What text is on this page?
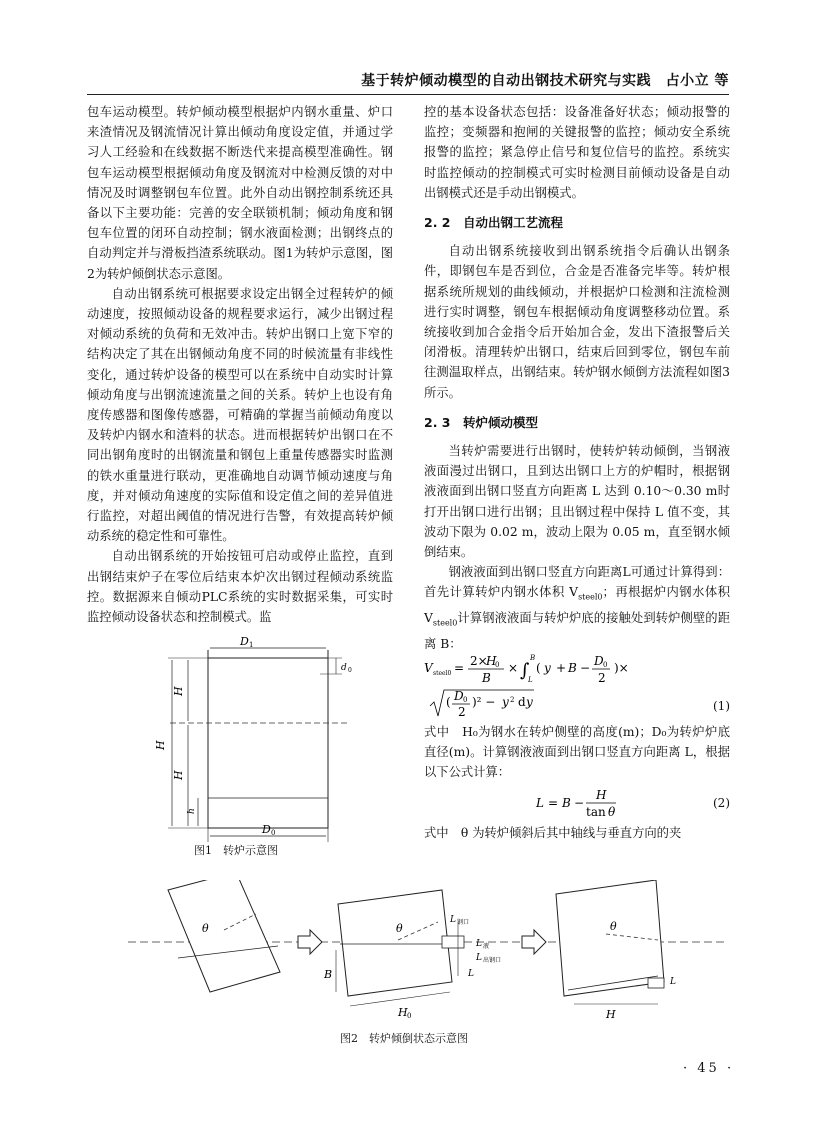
基于转炉倾动模型的自动出钢技术研究与实践　占小立 等

包车运动模型。转炉倾动模型根据炉内钢水重量、炉口来渣情况及钢流情况计算出倾动角度设定值，并通过学习人工经验和在线数据不断迭代来提高模型准确性。钢包车运动模型根据倾动角度及钢流对中检测反馈的对中情况及时调整钢包车位置。此外自动出钢控制系统还具备以下主要功能：完善的安全联锁机制；倾动角度和钢包车位置的闭环自动控制；钢水液面检测；出钢终点的自动判定并与滑板挡渣系统联动。图1为转炉示意图，图2为转炉倾倒状态示意图。

自动出钢系统可根据要求设定出钢全过程转炉的倾动速度，按照倾动设备的规程要求运行，减少出钢过程对倾动系统的负荷和无效冲击。转炉出钢口上宽下窄的结构决定了其在出钢倾动角度不同的时候流量有非线性变化，通过转炉设备的模型可以在系统中自动实时计算倾动角度与出钢流速流量之间的关系。转炉上也设有角度传感器和图像传感器，可精确的掌握当前倾动角度以及转炉内钢水和渣料的状态。进而根据转炉出钢口在不同出钢角度时的出钢流量和钢包上重量传感器实时监测的铁水重量进行联动，更准确地自动调节倾动速度与角度，并对倾动角速度的实际值和设定值之间的差异值进行监控，对超出阈值的情况进行告警，有效提高转炉倾动系统的稳定性和可靠性。

自动出钢系统的开始按钮可启动或停止监控，直到出钢结束炉子在零位后结束本炉次出钢过程倾动系统监控。数据源来自倾动PLC系统的实时数据采集，可实时监控倾动设备状态和控制模式。监

控的基本设备状态包括：设备准备好状态；倾动报警的监控；变频器和抱闸的关键报警的监控；倾动安全系统报警的监控；紧急停止信号和复位信号的监控。系统实时监控倾动的控制模式可实时检测目前倾动设备是自动出钢模式还是手动出钢模式。

2. 2　自动出钢工艺流程

自动出钢系统接收到出钢系统指令后确认出钢条件，即钢包车是否到位，合金是否准备完毕等。转炉根据系统所规划的曲线倾动，并根据炉口检测和注流检测进行实时调整，钢包车根据倾动角度调整移动位置。系统接收到加合金指令后开始加合金，发出下渣报警后关闭滑板。清理转炉出钢口，结束后回到零位，钢包车前往测温取样点，出钢结束。转炉钢水倾倒方法流程如图3所示。

2. 3　转炉倾动模型

当转炉需要进行出钢时，使转炉转动倾倒，当钢液液面漫过出钢口，且到达出钢口上方的炉帽时，根据钢液液面到出钢口竖直方向距离 L 达到 0.10～0.30 m时打开出钢口进行出钢；且出钢过程中保持 L 值不变，其波动下限为 0.02 m，波动上限为 0.05 m，直至钢水倾倒结束。

钢液液面到出钢口竖直方向距离L可通过计算得到：首先计算转炉内钢水体积 $V_{steel0}$；再根据炉内钢水体积 $V_{steel0}$计算钢液液面与转炉炉底的接触处到转炉侧壁的距离 B：

V steel0 = 2×
H
0
B
× ∫
B
L
( y + B − D 0
2
)×
( D 0
2
)² − y 2 d y	(1)

式中　H₀为钢水在转炉侧壁的高度(m)；D₀为转炉炉底直径(m)。计算钢液液面到出钢口竖直方向距离 L，根据以下公式计算：

L = B −
H
tan θ
(2)

式中　θ 为转炉倾斜后其中轴线与垂直方向的夹

D 1
d 0
H
H
H
h
D 0
图1　转炉示意图
θ	θ
L 钢口
L 液
L 出钢口
L
B
H 0
θ
L
H
图2　转炉倾倒状态示意图
· 45 ·
